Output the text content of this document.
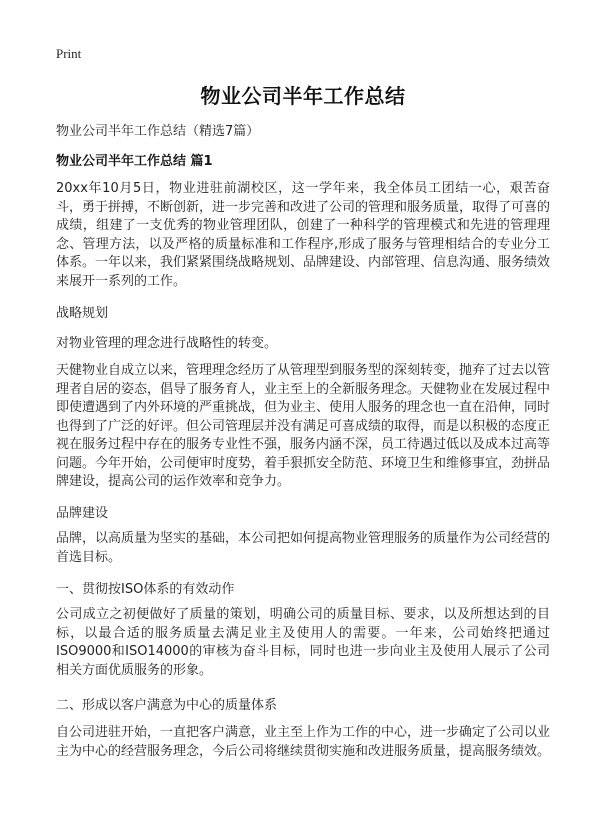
Print
物业公司半年工作总结
物业公司半年工作总结（精选7篇）
物业公司半年工作总结 篇1

20xx年10月5日，物业进驻前湖校区，这一学年来，我全体员工团结一心，艰苦奋斗，勇于拼搏，不断创新，进一步完善和改进了公司的管理和服务质量，取得了可喜的成绩，组建了一支优秀的物业管理团队，创建了一种科学的管理模式和先进的管理理念、管理方法，以及严格的质量标准和工作程序,形成了服务与管理相结合的专业分工体系。一年以来，我们紧紧围绕战略规划、品牌建设、内部管理、信息沟通、服务绩效来展开一系列的工作。

战略规划
对物业管理的理念进行战略性的转变。

天健物业自成立以来，管理理念经历了从管理型到服务型的深刻转变，抛弃了过去以管理者自居的姿态，倡导了服务育人，业主至上的全新服务理念。天健物业在发展过程中即使遭遇到了内外环境的严重挑战，但为业主、使用人服务的理念也一直在沿伸，同时也得到了广泛的好评。但公司管理层并没有满足可喜成绩的取得，而是以积极的态度正视在服务过程中存在的服务专业性不强，服务内涵不深，员工待遇过低以及成本过高等问题。今年开始，公司便审时度势，着手狠抓安全防范、环境卫生和维修事宜，劲拼品牌建设，提高公司的运作效率和竞争力。

品牌建设

品牌，以高质量为坚实的基础，本公司把如何提高物业管理服务的质量作为公司经营的首选目标。

一、贯彻按ISO体系的有效动作

公司成立之初便做好了质量的策划，明确公司的质量目标、要求，以及所想达到的目标，以最合适的服务质量去满足业主及使用人的需要。一年来，公司始终把通过ISO9000和ISO14000的审核为奋斗目标，同时也进一步向业主及使用人展示了公司相关方面优质服务的形象。

二、形成以客户满意为中心的质量体系

自公司进驻开始，一直把客户满意，业主至上作为工作的中心，进一步确定了公司以业主为中心的经营服务理念，今后公司将继续贯彻实施和改进服务质量，提高服务绩效。
